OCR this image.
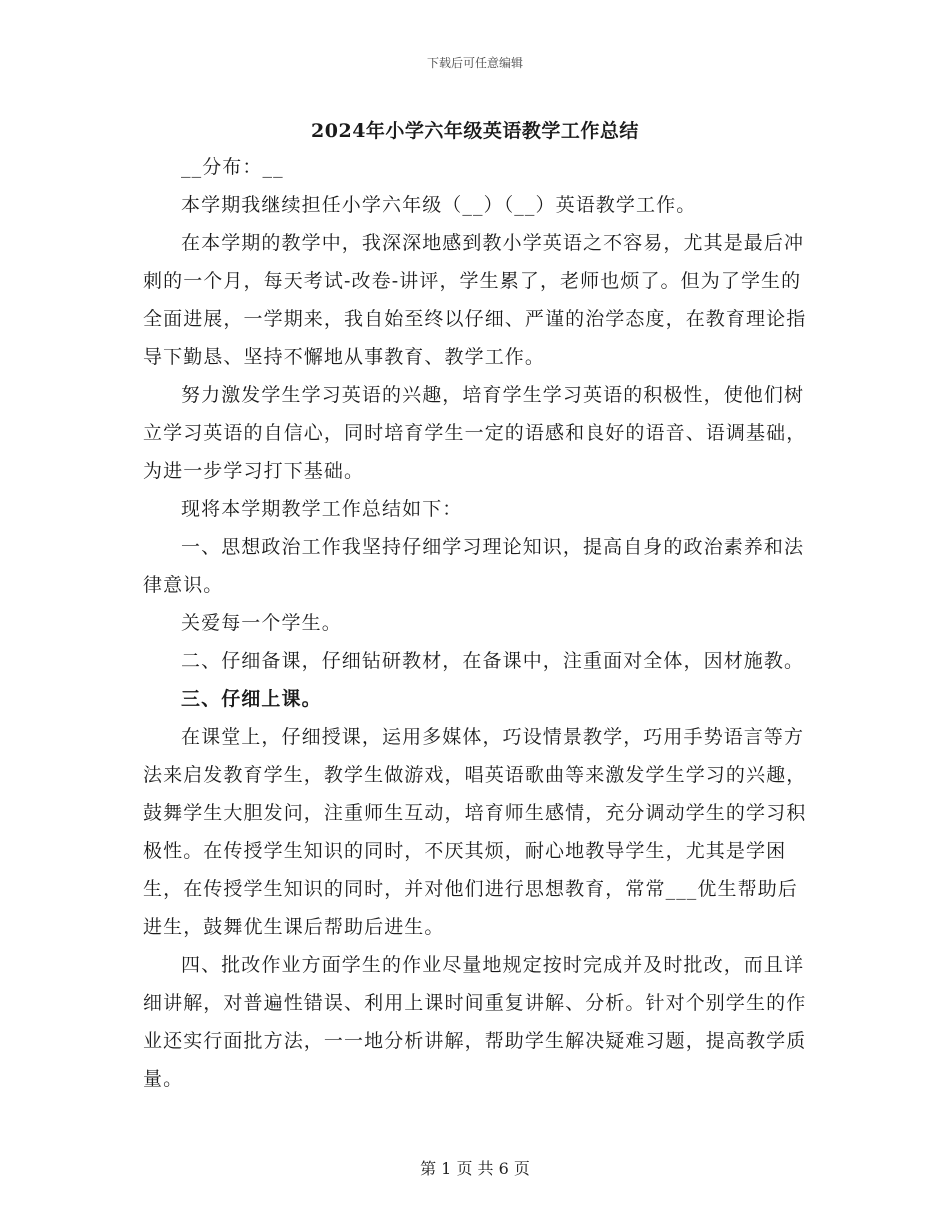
下载后可任意编辑
2024年小学六年级英语教学工作总结

__分布：__

本学期我继续担任小学六年级（__）（__）英语教学工作。

在本学期的教学中，我深深地感到教小学英语之不容易，尤其是最后冲刺的一个月，每天考试-改卷-讲评，学生累了，老师也烦了。但为了学生的全面进展，一学期来，我自始至终以仔细、严谨的治学态度，在教育理论指导下勤恳、坚持不懈地从事教育、教学工作。

努力激发学生学习英语的兴趣，培育学生学习英语的积极性，使他们树立学习英语的自信心，同时培育学生一定的语感和良好的语音、语调基础，为进一步学习打下基础。

现将本学期教学工作总结如下：

一、思想政治工作我坚持仔细学习理论知识，提高自身的政治素养和法律意识。

关爱每一个学生。

二、仔细备课，仔细钻研教材，在备课中，注重面对全体，因材施教。

三、仔细上课。

在课堂上，仔细授课，运用多媒体，巧设情景教学，巧用手势语言等方法来启发教育学生，教学生做游戏，唱英语歌曲等来激发学生学习的兴趣，鼓舞学生大胆发问，注重师生互动，培育师生感情，充分调动学生的学习积极性。在传授学生知识的同时，不厌其烦，耐心地教导学生，尤其是学困生，在传授学生知识的同时，并对他们进行思想教育，常常___优生帮助后进生，鼓舞优生课后帮助后进生。

四、批改作业方面学生的作业尽量地规定按时完成并及时批改，而且详细讲解，对普遍性错误、利用上课时间重复讲解、分析。针对个别学生的作业还实行面批方法，一一地分析讲解，帮助学生解决疑难习题，提高教学质量。

第 1 页 共 6 页
